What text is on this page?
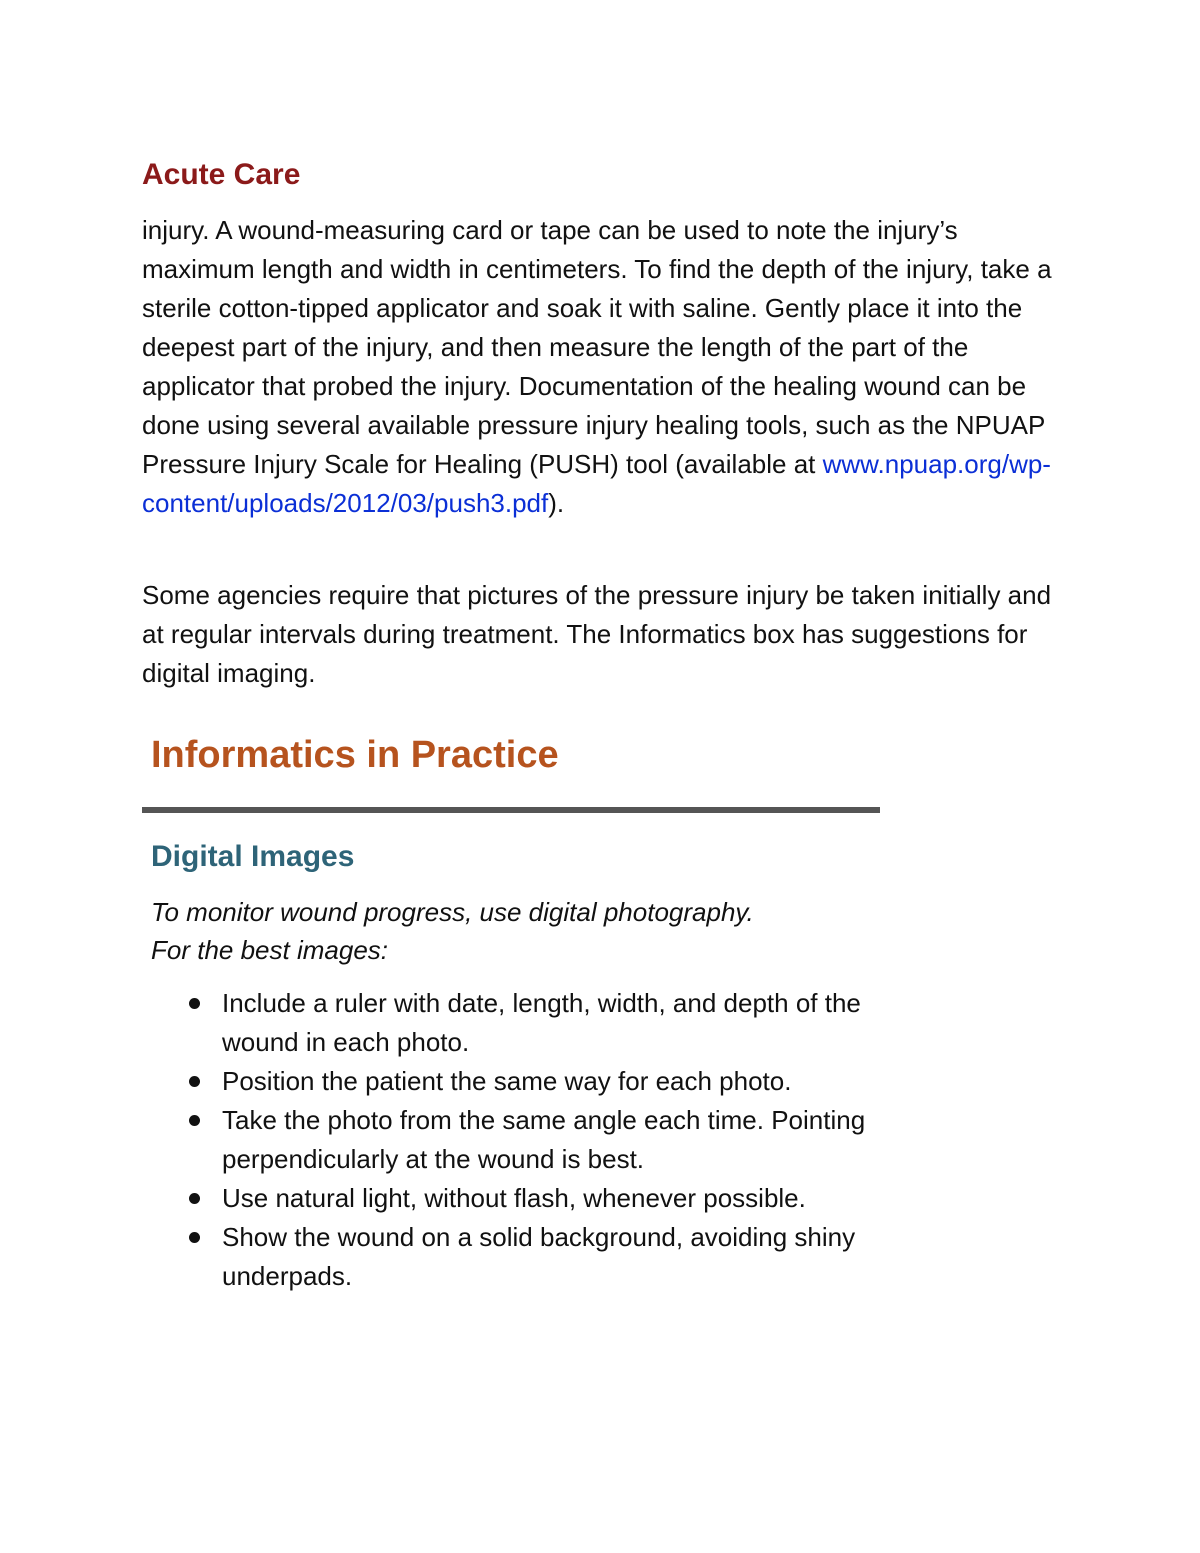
Acute Care

injury. A wound-measuring card or tape can be used to note the injury’s maximum length and width in centimeters. To find the depth of the injury, take a sterile cotton-tipped applicator and soak it with saline. Gently place it into the deepest part of the injury, and then measure the length of the part of the applicator that probed the injury. Documentation of the healing wound can be done using several available pressure injury healing tools, such as the NPUAP Pressure Injury Scale for Healing (PUSH) tool (available at www.npuap.org/wp-content/uploads/2012/03/push3.pdf).

Some agencies require that pictures of the pressure injury be taken initially and at regular intervals during treatment. The Informatics box has suggestions for digital imaging.

Informatics in Practice
Digital Images

To monitor wound progress, use digital photography.
For the best images:

Include a ruler with date, length, width, and depth of the wound in each photo.
Position the patient the same way for each photo.
Take the photo from the same angle each time. Pointing perpendicularly at the wound is best.
Use natural light, without flash, whenever possible.
Show the wound on a solid background, avoiding shiny underpads.
